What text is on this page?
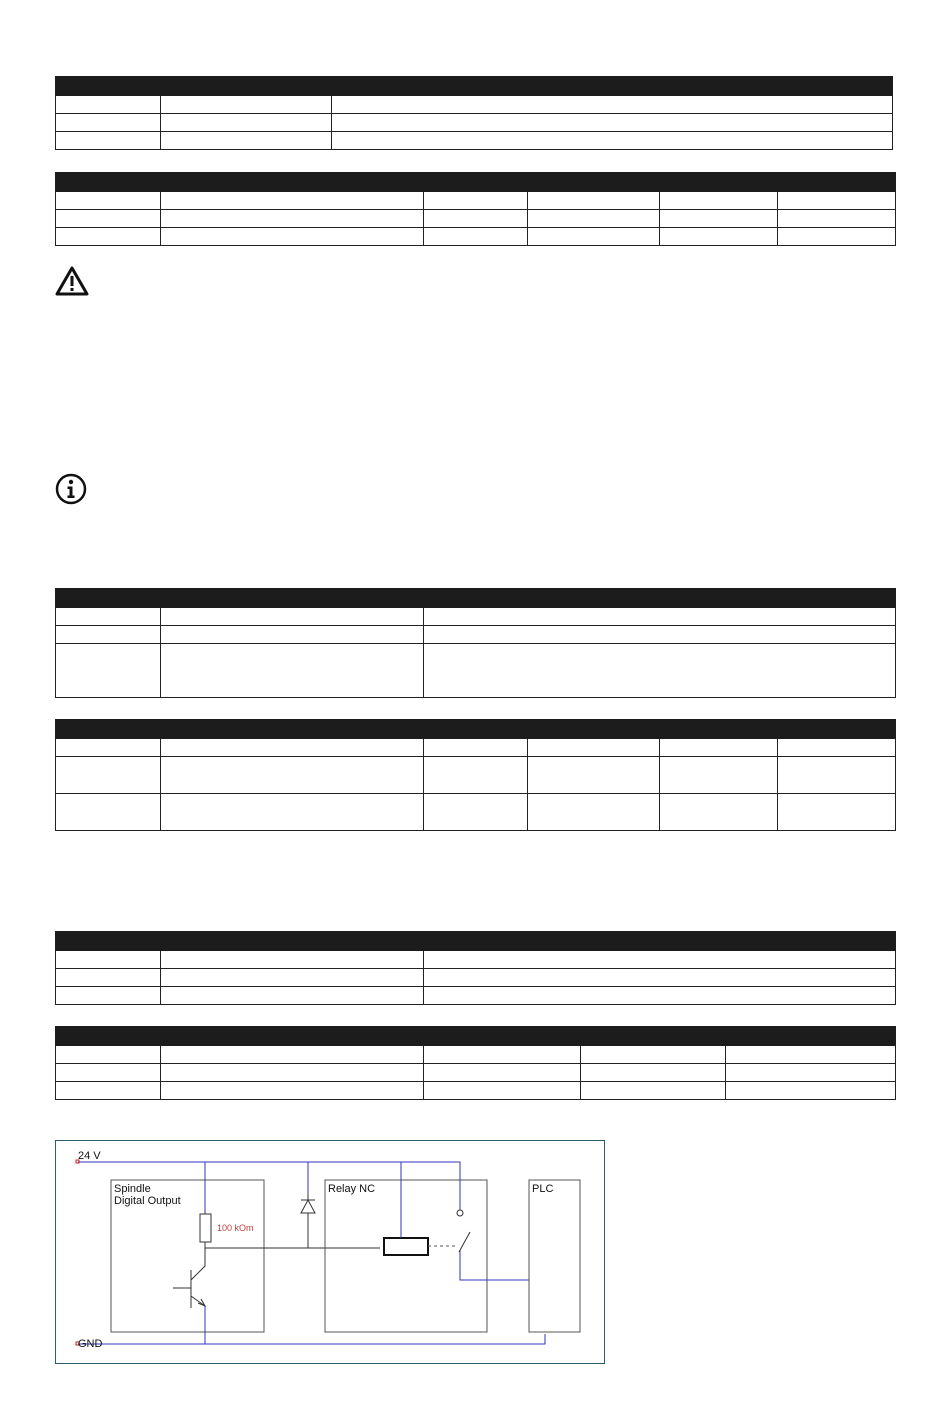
24 V
GND
Spindle
Digital Output
100 kOm
Relay NC	PLC
